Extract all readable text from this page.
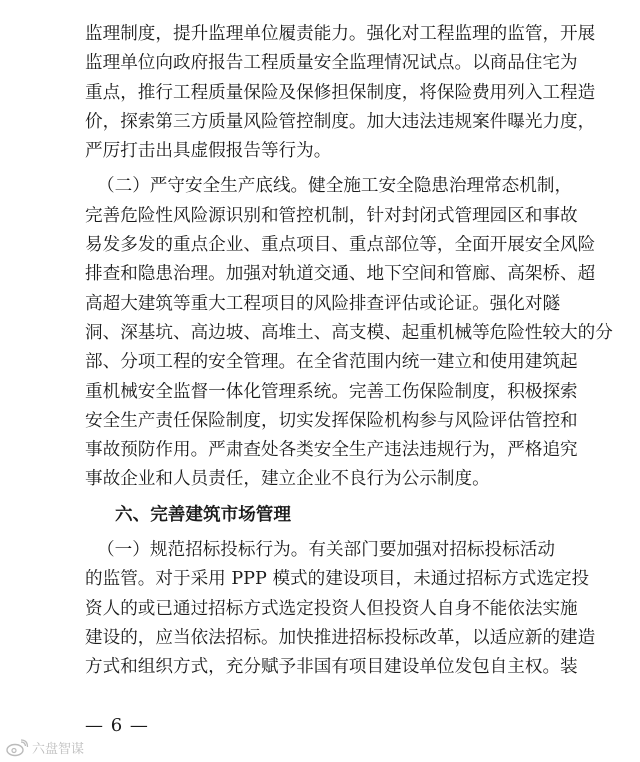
监理制度，提升监理单位履责能力。强化对工程监理的监管，开展
监理单位向政府报告工程质量安全监理情况试点。以商品住宅为
重点，推行工程质量保险及保修担保制度，将保险费用列入工程造
价，探索第三方质量风险管控制度。加大违法违规案件曝光力度，
严厉打击出具虚假报告等行为。
（二）严守安全生产底线。健全施工安全隐患治理常态机制，
完善危险性风险源识别和管控机制，针对封闭式管理园区和事故
易发多发的重点企业、重点项目、重点部位等，全面开展安全风险
排查和隐患治理。加强对轨道交通、地下空间和管廊、高架桥、超
高超大建筑等重大工程项目的风险排查评估或论证。强化对隧
洞、深基坑、高边坡、高堆土、高支模、起重机械等危险性较大的分
部、分项工程的安全管理。在全省范围内统一建立和使用建筑起
重机械安全监督一体化管理系统。完善工伤保险制度，积极探索
安全生产责任保险制度，切实发挥保险机构参与风险评估管控和
事故预防作用。严肃查处各类安全生产违法违规行为，严格追究
事故企业和人员责任，建立企业不良行为公示制度。
六、完善建筑市场管理
（一）规范招标投标行为。有关部门要加强对招标投标活动
的监管。对于采用 PPP 模式的建设项目，未通过招标方式选定投
资人的或已通过招标方式选定投资人但投资人自身不能依法实施
建设的，应当依法招标。加快推进招标投标改革，以适应新的建造
方式和组织方式，充分赋予非国有项目建设单位发包自主权。装
— 6 —
六盘智谋
